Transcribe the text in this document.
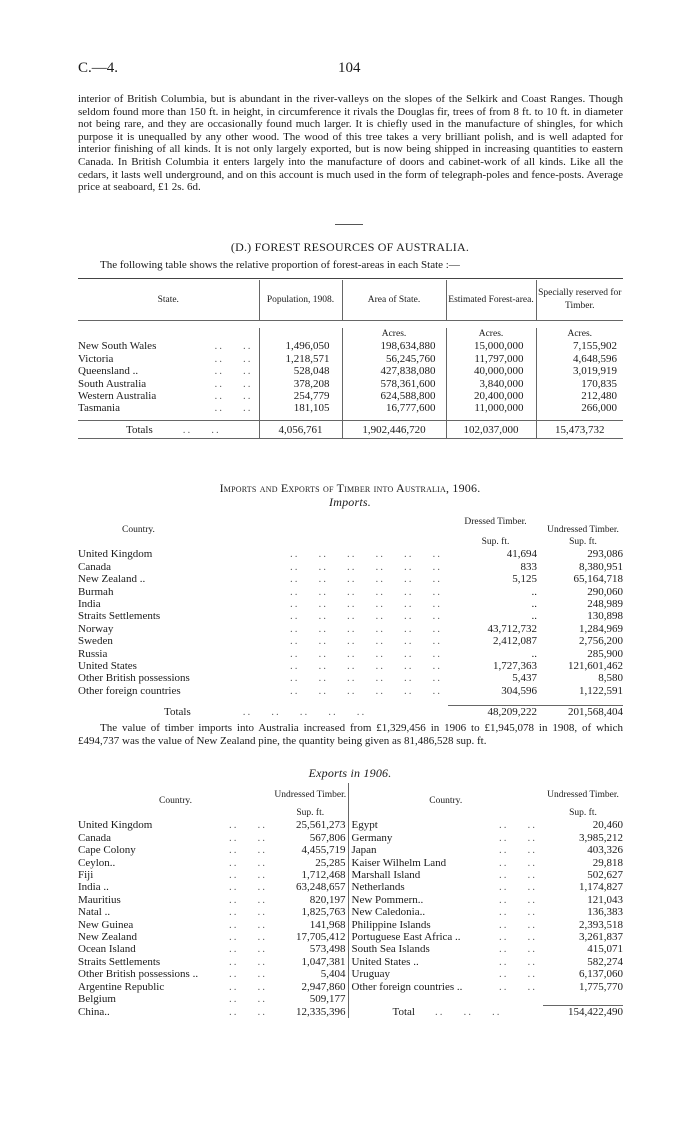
C.—4.	104
interior of British Columbia, but is abundant in the river-valleys on the slopes of the Selkirk and Coast Ranges. Though seldom found more than 150 ft. in height, in circumference it rivals the Douglas fir, trees of from 8 ft. to 10 ft. in diameter not being rare, and they are occasionally found much larger. It is chiefly used in the manufacture of shingles, for which purpose it is unequalled by any other wood. The wood of this tree takes a very brilliant polish, and is well adapted for interior finishing of all kinds. It is not only largely exported, but is now being shipped in increasing quantities to eastern Canada. In British Columbia it enters largely into the manufacture of doors and cabinet-work of all kinds. Like all the cedars, it lasts well underground, and on this account is much used in the form of telegraph-poles and fence-posts. Average price at seaboard, £1 2s. 6d.
(D.) FOREST RESOURCES OF AUSTRALIA.
The following table shows the relative proportion of forest-areas in each State :—
State.	Population, 1908.	Area of State.	Estimated Forest-area.	Specially reserved for Timber.

		Acres.	Acres.	Acres.
New South Wales ..    ..	1,496,050	198,634,880	15,000,000	7,155,902
Victoria ..    ..	1,218,571	56,245,760	11,797,000	4,648,596
Queensland .. ..    ..	528,048	427,838,080	40,000,000	3,019,919
South Australia ..    ..	378,208	578,361,600	3,840,000	170,835
Western Australia ..    ..	254,779	624,588,800	20,400,000	212,480
Tasmania ..    ..	181,105	16,777,600	11,000,000	266,000

Totals ..    ..	4,056,761	1,902,446,720	102,037,000	15,473,732
Imports and Exports of Timber into Australia, 1906.
Imports.
Country.	Dressed Timber.	Undressed Timber.
	Sup. ft.	Sup. ft.
United Kingdom ..    ..    ..    ..    ..    ..	41,694	293,086
Canada ..    ..    ..    ..    ..    ..	833	8,380,951
New Zealand .. ..    ..    ..    ..    ..    ..	5,125	65,164,718
Burmah ..    ..    ..    ..    ..    ..	..	290,060
India ..    ..    ..    ..    ..    ..	..	248,989
Straits Settlements ..    ..    ..    ..    ..    ..	..	130,898
Norway ..    ..    ..    ..    ..    ..	43,712,732	1,284,969
Sweden ..    ..    ..    ..    ..    ..	2,412,087	2,756,200
Russia ..    ..    ..    ..    ..    ..	..	285,900
United States ..    ..    ..    ..    ..    ..	1,727,363	121,601,462
Other British possessions ..    ..    ..    ..    ..    ..	5,437	8,580
Other foreign countries ..    ..    ..    ..    ..    ..	304,596	1,122,591

Totals ..    ..    ..    ..    ..	48,209,222	201,568,404
The value of timber imports into Australia increased from £1,329,456 in 1906 to £1,945,078 in 1908, of which £494,737 was the value of New Zealand pine, the quantity being given as 81,486,528 sup. ft.
Exports in 1906.
Country.	Undressed Timber.	Country.	Undressed Timber.
	Sup. ft.		Sup. ft.
United Kingdom ..    ..	25,561,273	Egypt ..    ..	20,460
Canada ..    ..	567,806	Germany ..    ..	3,985,212
Cape Colony ..    ..	4,455,719	Japan ..    ..	403,326
Ceylon.. ..    ..	25,285	Kaiser Wilhelm Land ..    ..	29,818
Fiji ..    ..	1,712,468	Marshall Island ..    ..	502,627
India .. ..    ..	63,248,657	Netherlands ..    ..	1,174,827
Mauritius ..    ..	820,197	New Pommern.. ..    ..	121,043
Natal .. ..    ..	1,825,763	New Caledonia.. ..    ..	136,383
New Guinea ..    ..	141,968	Philippine Islands ..    ..	2,393,518
New Zealand ..    ..	17,705,412	Portuguese East Africa .. ..    ..	3,261,837
Ocean Island ..    ..	573,498	South Sea Islands ..    ..	415,071
Straits Settlements ..    ..	1,047,381	United States .. ..    ..	582,274
Other British possessions .. ..    ..	5,404	Uruguay ..    ..	6,137,060
Argentine Republic ..    ..	2,947,860	Other foreign countries .. ..    ..	1,775,770
Belgium ..    ..	509,177		
China.. ..    ..	12,335,396	Total ..    ..    ..	154,422,490
